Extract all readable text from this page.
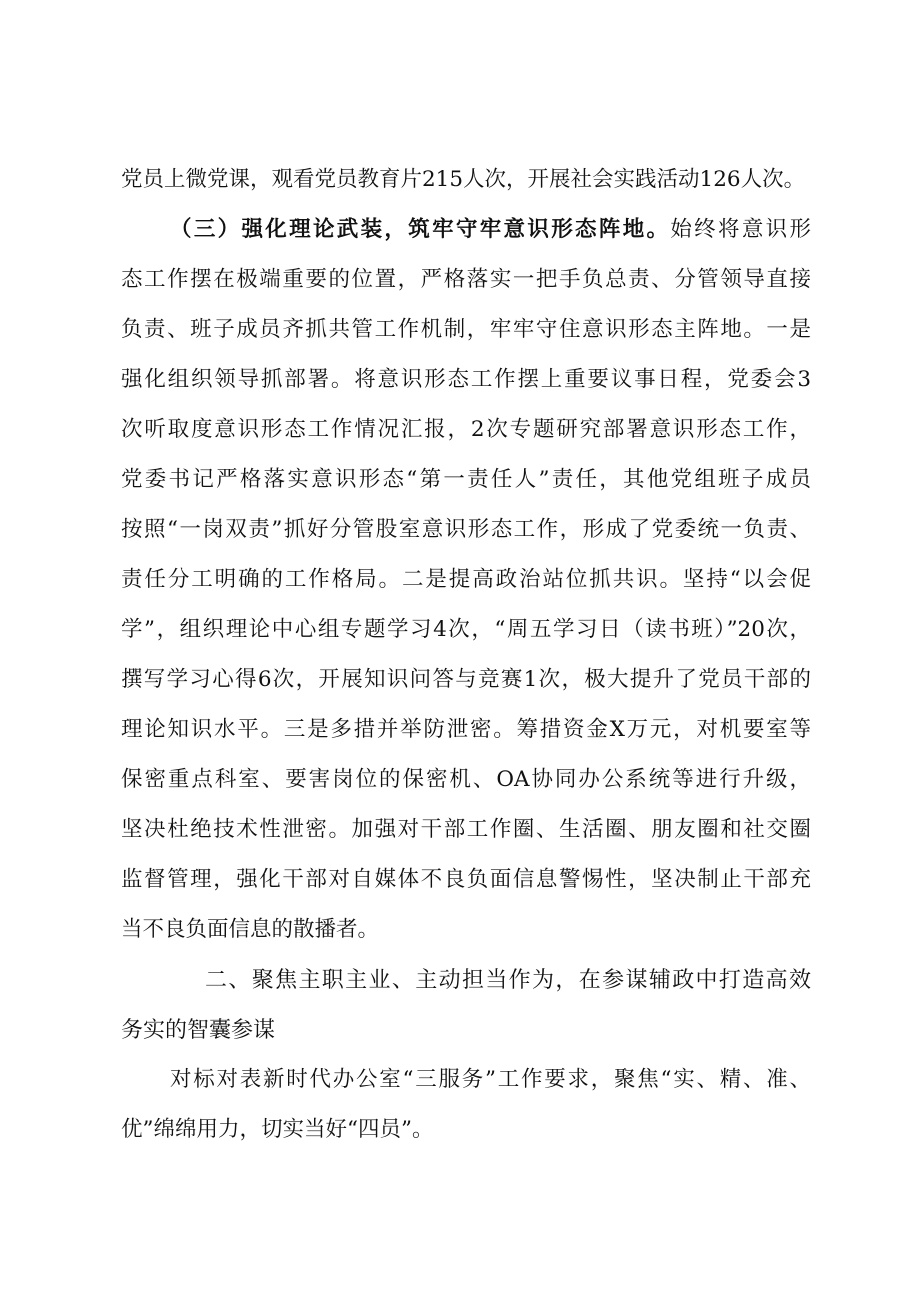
党员上微党课，观看党员教育片215人次，开展社会实践活动126人次。
（三）强化理论武装，筑牢守牢意识形态阵地。始终将意识形
态工作摆在极端重要的位置，严格落实一把手负总责、分管领导直接
负责、班子成员齐抓共管工作机制，牢牢守住意识形态主阵地。一是
强化组织领导抓部署。将意识形态工作摆上重要议事日程，党委会3
次听取度意识形态工作情况汇报，2次专题研究部署意识形态工作，
党委书记严格落实意识形态“第一责任人”责任，其他党组班子成员
按照“一岗双责”抓好分管股室意识形态工作，形成了党委统一负责、
责任分工明确的工作格局。二是提高政治站位抓共识。坚持“以会促
学”，组织理论中心组专题学习4次，“周五学习日（读书班）”20次，
撰写学习心得6次，开展知识问答与竞赛1次，极大提升了党员干部的
理论知识水平。三是多措并举防泄密。筹措资金X万元，对机要室等
保密重点科室、要害岗位的保密机、OA协同办公系统等进行升级，
坚决杜绝技术性泄密。加强对干部工作圈、生活圈、朋友圈和社交圈
监督管理，强化干部对自媒体不良负面信息警惕性，坚决制止干部充
当不良负面信息的散播者。
二、聚焦主职主业、主动担当作为，在参谋辅政中打造高效
务实的智囊参谋
对标对表新时代办公室“三服务”工作要求，聚焦“实、精、准、
优”绵绵用力，切实当好“四员”。
